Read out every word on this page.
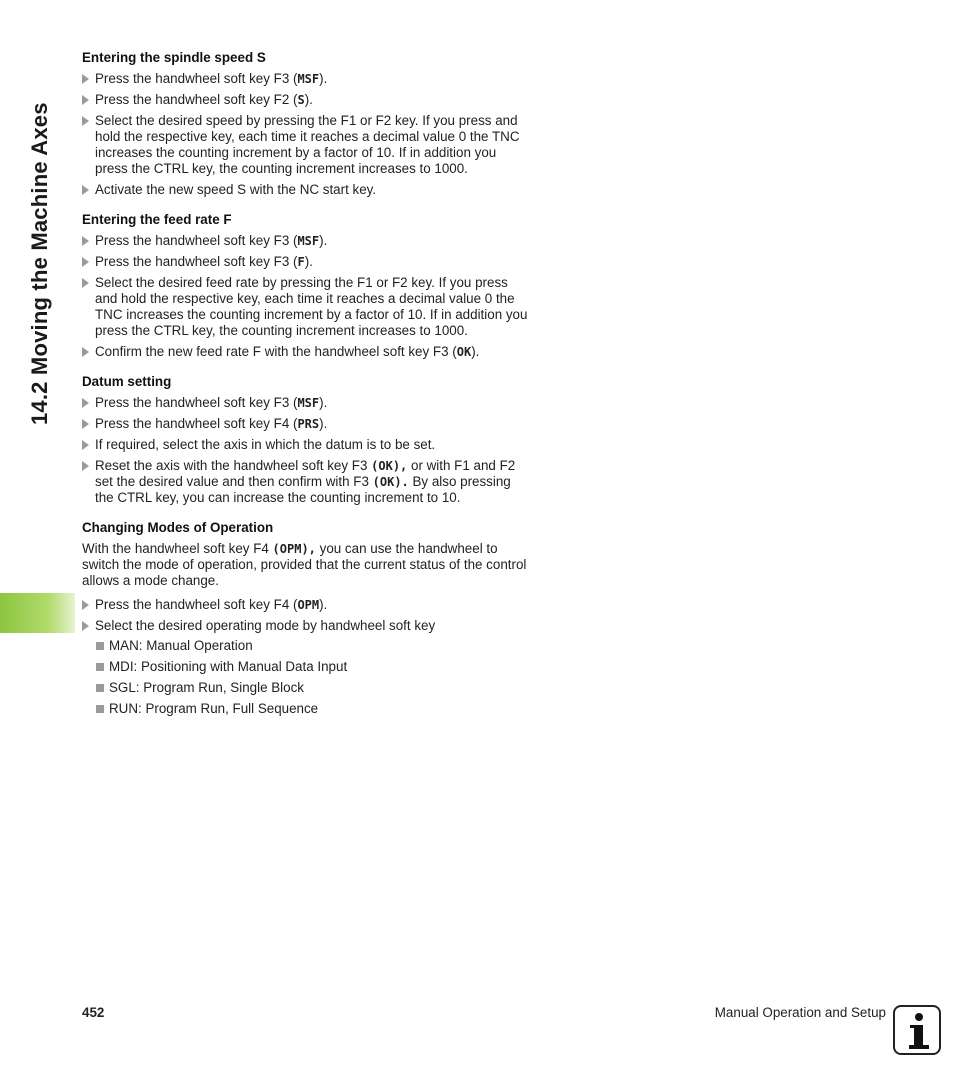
14.2 Moving the Machine Axes
Entering the spindle speed S
Press the handwheel soft key F3 (MSF).
Press the handwheel soft key F2 (S).
Select the desired speed by pressing the F1 or F2 key. If you press and hold the respective key, each time it reaches a decimal value 0 the TNC increases the counting increment by a factor of 10. If in addition you press the CTRL key, the counting increment increases to 1000.
Activate the new speed S with the NC start key.
Entering the feed rate F
Press the handwheel soft key F3 (MSF).
Press the handwheel soft key F3 (F).
Select the desired feed rate by pressing the F1 or F2 key. If you press and hold the respective key, each time it reaches a decimal value 0 the TNC increases the counting increment by a factor of 10. If in addition you press the CTRL key, the counting increment increases to 1000.
Confirm the new feed rate F with the handwheel soft key F3 (OK).
Datum setting
Press the handwheel soft key F3 (MSF).
Press the handwheel soft key F4 (PRS).
If required, select the axis in which the datum is to be set.
Reset the axis with the handwheel soft key F3 (OK), or with F1 and F2 set the desired value and then confirm with F3 (OK). By also pressing the CTRL key, you can increase the counting increment to 10.
Changing Modes of Operation

With the handwheel soft key F4 (OPM), you can use the handwheel to switch the mode of operation, provided that the current status of the control allows a mode change.

Press the handwheel soft key F4 (OPM).
Select the desired operating mode by handwheel soft key
MAN: Manual Operation
MDI: Positioning with Manual Data Input
SGL: Program Run, Single Block
RUN: Program Run, Full Sequence
452	Manual Operation and Setup
